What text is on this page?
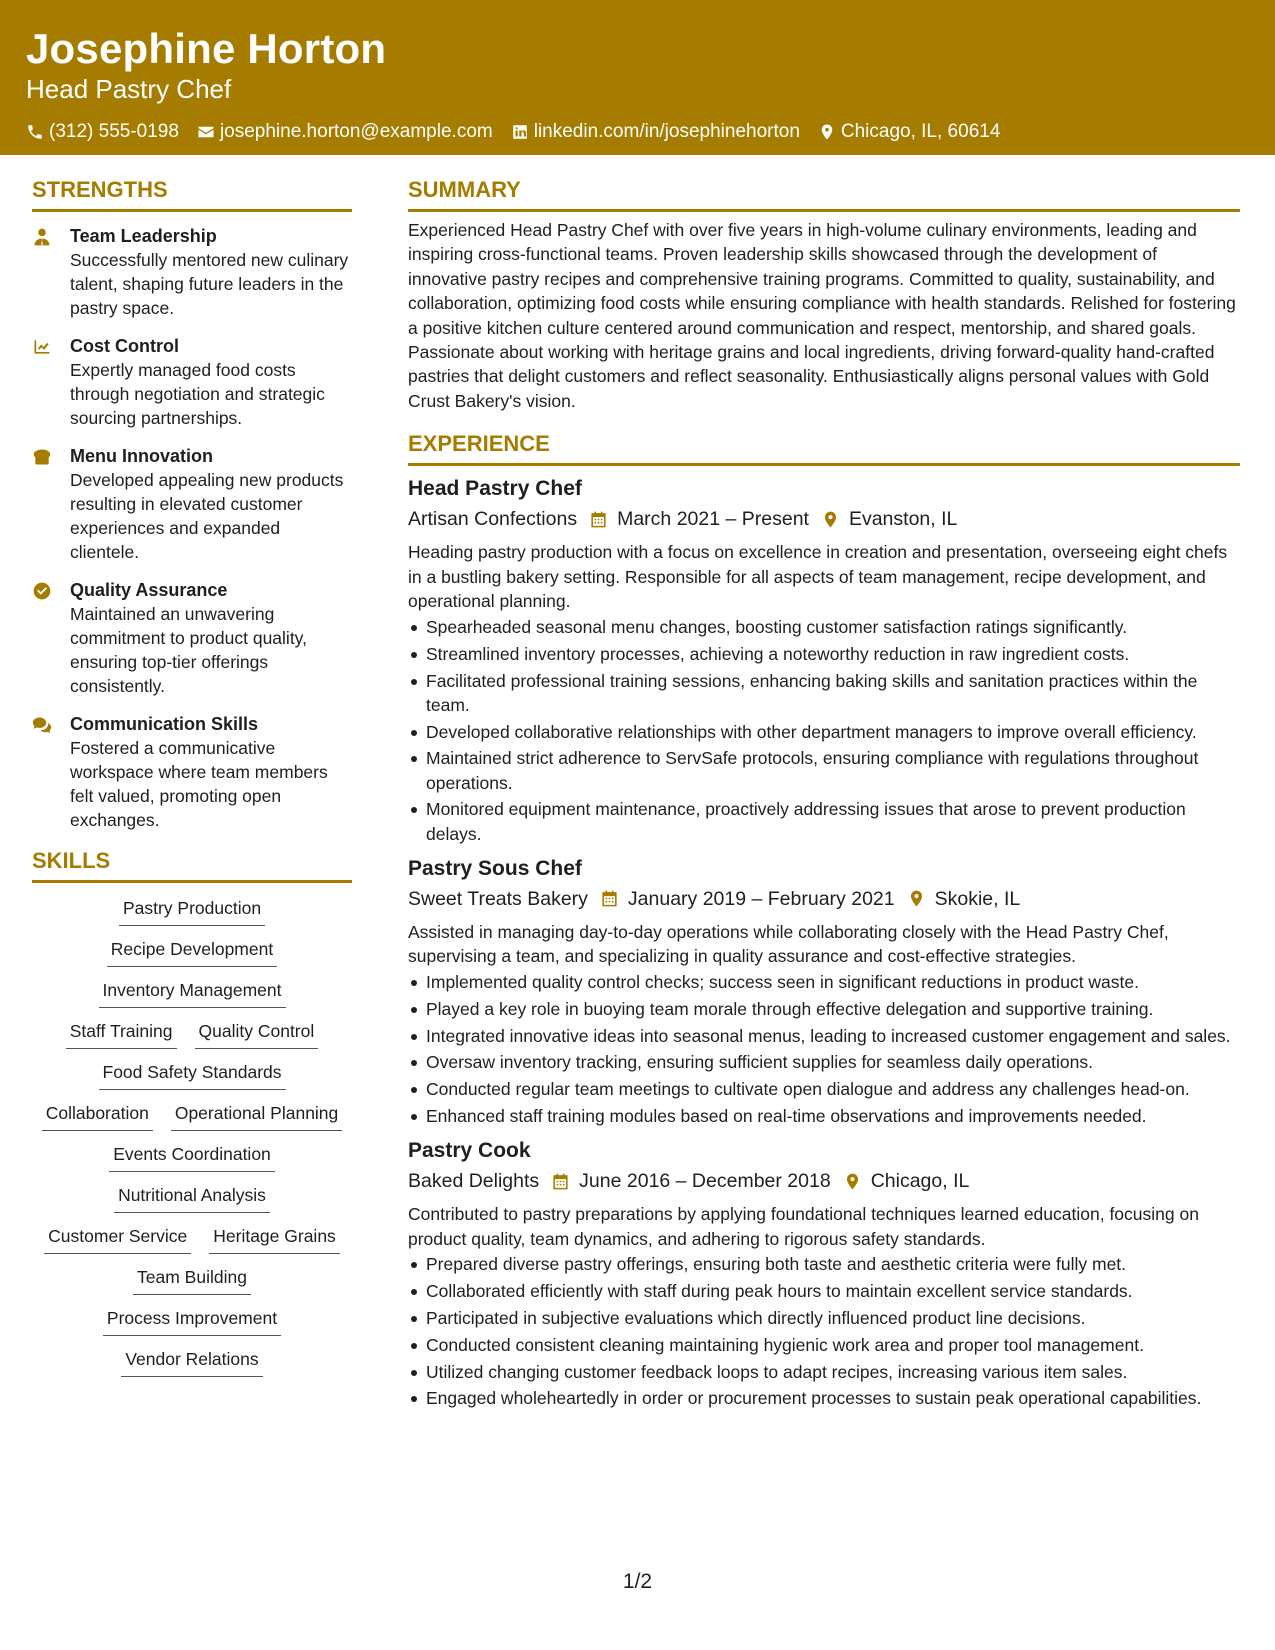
Josephine Horton
Head Pastry Chef
(312) 555-0198 josephine.horton@example.com linkedin.com/in/josephinehorton Chicago, IL, 60614
STRENGTHS
Team Leadership
Successfully mentored new culinary talent, shaping future leaders in the pastry space.
Cost Control
Expertly managed food costs through negotiation and strategic sourcing partnerships.
Menu Innovation
Developed appealing new products resulting in elevated customer experiences and expanded clientele.
Quality Assurance
Maintained an unwavering commitment to product quality, ensuring top-tier offerings consistently.
Communication Skills
Fostered a communicative workspace where team members felt valued, promoting open exchanges.
SKILLS
Pastry Production
Recipe Development
Inventory Management
Staff Training Quality Control
Food Safety Standards
Collaboration Operational Planning
Events Coordination
Nutritional Analysis
Customer Service Heritage Grains
Team Building
Process Improvement
Vendor Relations
SUMMARY

Experienced Head Pastry Chef with over five years in high-volume culinary environments, leading and inspiring cross-functional teams. Proven leadership skills showcased through the development of innovative pastry recipes and comprehensive training programs. Committed to quality, sustainability, and collaboration, optimizing food costs while ensuring compliance with health standards. Relished for fostering a positive kitchen culture centered around communication and respect, mentorship, and shared goals. Passionate about working with heritage grains and local ingredients, driving forward-quality hand-crafted pastries that delight customers and reflect seasonality. Enthusiastically aligns personal values with Gold Crust Bakery's vision.

EXPERIENCE
Head Pastry Chef
Artisan Confections March 2021 – Present Evanston, IL

Heading pastry production with a focus on excellence in creation and presentation, overseeing eight chefs in a bustling bakery setting. Responsible for all aspects of team management, recipe development, and operational planning.

Spearheaded seasonal menu changes, boosting customer satisfaction ratings significantly.
Streamlined inventory processes, achieving a noteworthy reduction in raw ingredient costs.
Facilitated professional training sessions, enhancing baking skills and sanitation practices within the team.
Developed collaborative relationships with other department managers to improve overall efficiency.
Maintained strict adherence to ServSafe protocols, ensuring compliance with regulations throughout operations.
Monitored equipment maintenance, proactively addressing issues that arose to prevent production delays.
Pastry Sous Chef
Sweet Treats Bakery January 2019 – February 2021 Skokie, IL

Assisted in managing day-to-day operations while collaborating closely with the Head Pastry Chef, supervising a team, and specializing in quality assurance and cost-effective strategies.

Implemented quality control checks; success seen in significant reductions in product waste.
Played a key role in buoying team morale through effective delegation and supportive training.
Integrated innovative ideas into seasonal menus, leading to increased customer engagement and sales.
Oversaw inventory tracking, ensuring sufficient supplies for seamless daily operations.
Conducted regular team meetings to cultivate open dialogue and address any challenges head-on.
Enhanced staff training modules based on real-time observations and improvements needed.
Pastry Cook
Baked Delights June 2016 – December 2018 Chicago, IL

Contributed to pastry preparations by applying foundational techniques learned education, focusing on product quality, team dynamics, and adhering to rigorous safety standards.

Prepared diverse pastry offerings, ensuring both taste and aesthetic criteria were fully met.
Collaborated efficiently with staff during peak hours to maintain excellent service standards.
Participated in subjective evaluations which directly influenced product line decisions.
Conducted consistent cleaning maintaining hygienic work area and proper tool management.
Utilized changing customer feedback loops to adapt recipes, increasing various item sales.
Engaged wholeheartedly in order or procurement processes to sustain peak operational capabilities.
1/2
